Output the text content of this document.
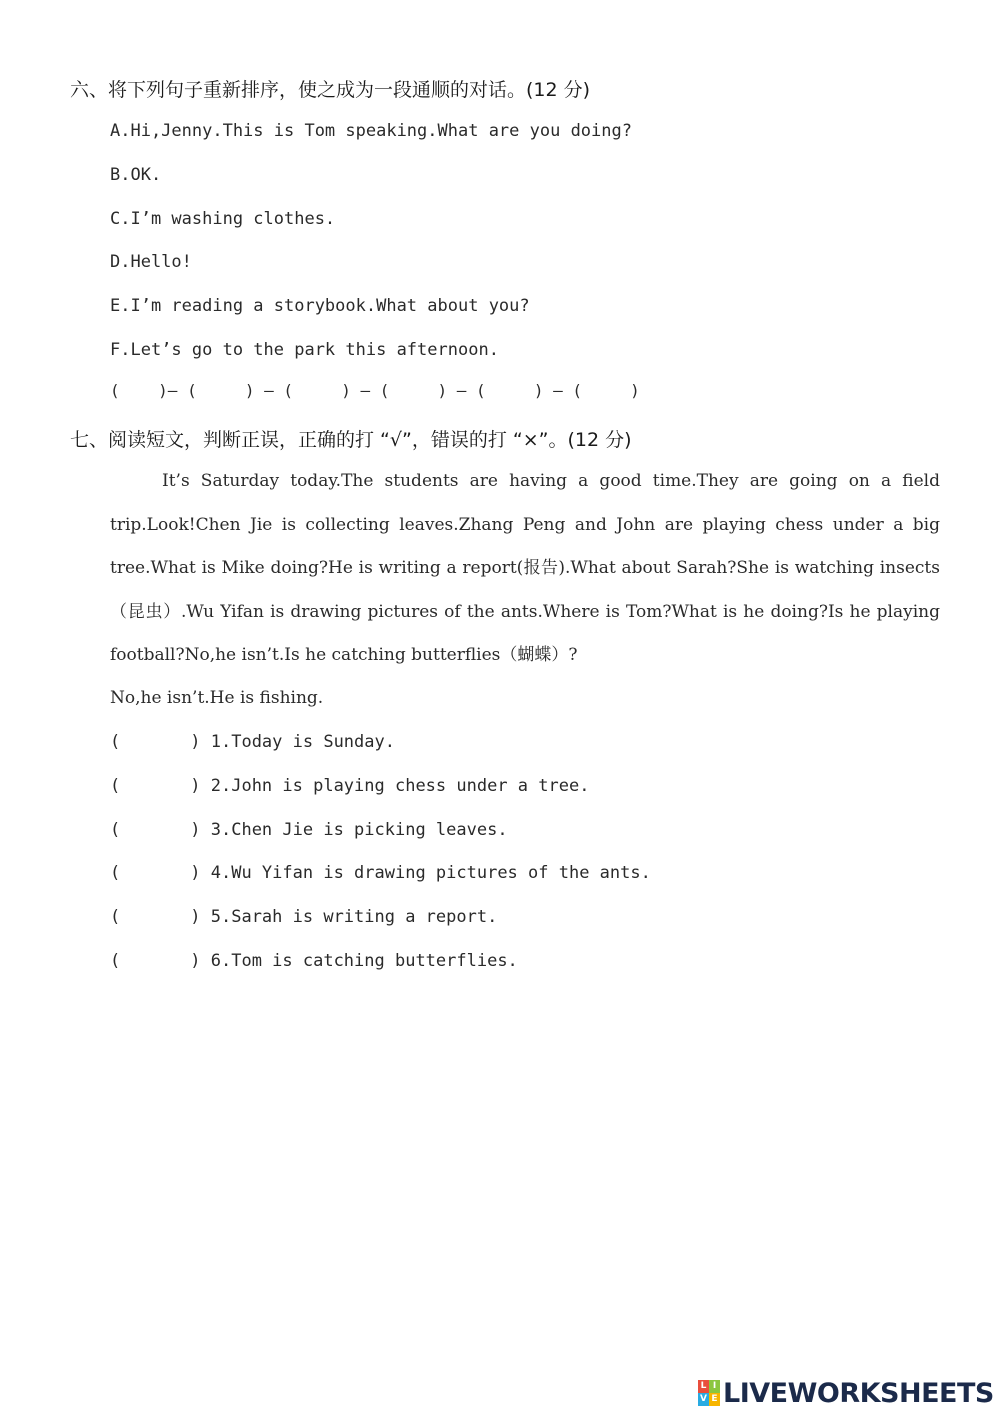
六、将下列句子重新排序，使之成为一段通顺的对话。(12 分)
A.Hi,Jenny.This is Tom speaking.What are you doing?
B.OK.
C.I’m washing clothes.
D.Hello!
E.I’m reading a storybook.What about you?
F.Let’s go to the park this afternoon.
(    )— (     ) — (     ) — (     ) — (     ) — (     )
七、阅读短文，判断正误，正确的打 “√”，错误的打 “×”。(12 分)
It’s Saturday today.The students are having a good time.They are going on a field trip.Look!Chen Jie is collecting leaves.Zhang Peng and John are playing chess under a big tree.What is Mike doing?He is writing a report(报告).What about Sarah?She is watching insects（昆虫）.Wu Yifan is drawing pictures of the ants.Where is Tom?What is he doing?Is he playing football?No,he isn’t.Is he catching butterflies（蝴蝶）?
No,he isn’t.He is fishing.
(	) 1.Today is Sunday.
(	) 2.John is playing chess under a tree.
(	) 3.Chen Jie is picking leaves.
(	) 4.Wu Yifan is drawing pictures of the ants.
(	) 5.Sarah is writing a report.
(	) 6.Tom is catching butterflies.
L I
V E LIVEWORKSHEETS
